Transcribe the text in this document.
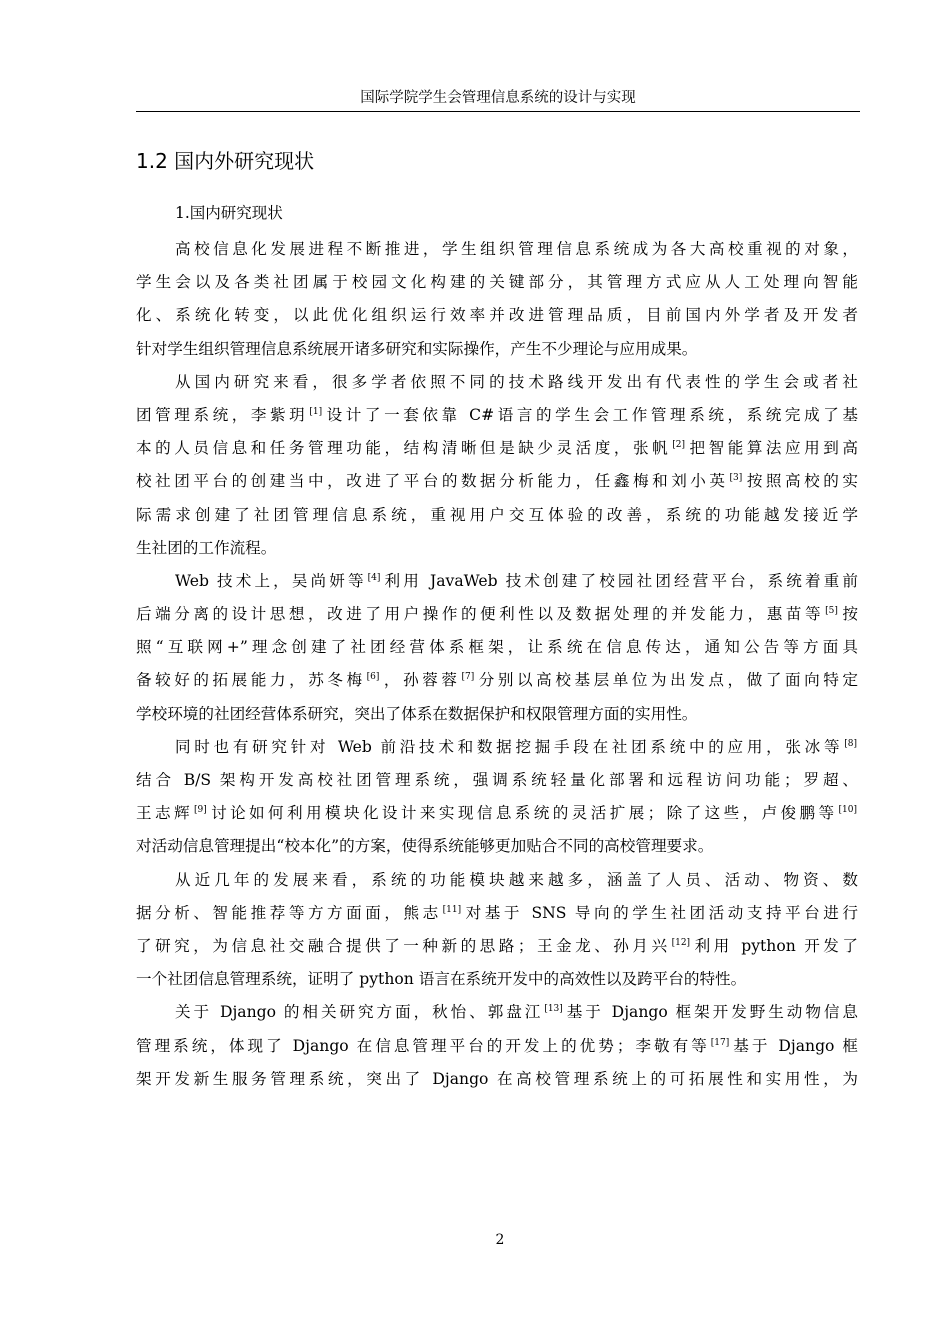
国际学院学生会管理信息系统的设计与实现
1.2 国内外研究现状
1.国内研究现状
高校信息化发展进程不断推进，学生组织管理信息系统成为各大高校重视的对象，
学生会以及各类社团属于校园文化构建的关键部分，其管理方式应从人工处理向智能
化、系统化转变，以此优化组织运行效率并改进管理品质，目前国内外学者及开发者
针对学生组织管理信息系统展开诸多研究和实际操作，产生不少理论与应用成果。
从国内研究来看，很多学者依照不同的技术路线开发出有代表性的学生会或者社
团管理系统，李紫玥[1]设计了一套依靠 C#语言的学生会工作管理系统，系统完成了基
本的人员信息和任务管理功能，结构清晰但是缺少灵活度，张帆[2]把智能算法应用到高
校社团平台的创建当中，改进了平台的数据分析能力，任鑫梅和刘小英[3]按照高校的实
际需求创建了社团管理信息系统，重视用户交互体验的改善，系统的功能越发接近学
生社团的工作流程。
Web 技术上，吴尚妍等[4]利用 JavaWeb 技术创建了校园社团经营平台，系统着重前
后端分离的设计思想，改进了用户操作的便利性以及数据处理的并发能力，惠苗等[5]按
照“互联网+”理念创建了社团经营体系框架，让系统在信息传达，通知公告等方面具
备较好的拓展能力，苏冬梅[6]，孙蓉蓉[7]分别以高校基层单位为出发点，做了面向特定
学校环境的社团经营体系研究，突出了体系在数据保护和权限管理方面的实用性。
同时也有研究针对 Web 前沿技术和数据挖掘手段在社团系统中的应用，张冰等[8]
结合 B/S 架构开发高校社团管理系统，强调系统轻量化部署和远程访问功能；罗超、
王志辉[9]讨论如何利用模块化设计来实现信息系统的灵活扩展；除了这些，卢俊鹏等[10]
对活动信息管理提出“校本化”的方案，使得系统能够更加贴合不同的高校管理要求。
从近几年的发展来看，系统的功能模块越来越多，涵盖了人员、活动、物资、数
据分析、智能推荐等方方面面，熊志[11]对基于 SNS 导向的学生社团活动支持平台进行
了研究，为信息社交融合提供了一种新的思路；王金龙、孙月兴[12]利用 python 开发了
一个社团信息管理系统，证明了 python 语言在系统开发中的高效性以及跨平台的特性。
关于 Django 的相关研究方面，秋怡、郭盘江[13]基于 Django 框架开发野生动物信息
管理系统，体现了 Django 在信息管理平台的开发上的优势；李敬有等[17]基于 Django 框
架开发新生服务管理系统，突出了 Django 在高校管理系统上的可拓展性和实用性，为
2
